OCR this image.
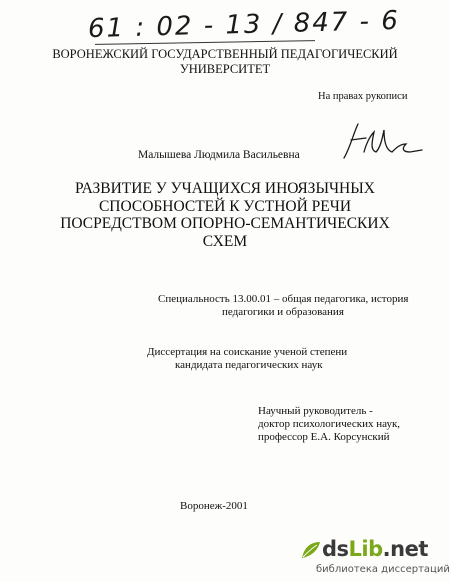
61 : 02 - 13 / 847 - 6
ВОРОНЕЖСКИЙ ГОСУДАРСТВЕННЫЙ ПЕДАГОГИЧЕСКИЙ
УНИВЕРСИТЕТ
На правах рукописи
Малышева Людмила Васильевна
РАЗВИТИЕ У УЧАЩИХСЯ ИНОЯЗЫЧНЫХ
СПОСОБНОСТЕЙ К УСТНОЙ РЕЧИ
ПОСРЕДСТВОМ ОПОРНО-СЕМАНТИЧЕСКИХ
СХЕМ
Специальность 13.00.01 – общая педагогика, история
педагогики и образования
Диссертация на соискание ученой степени
кандидата педагогических наук
Научный руководитель -
доктор психологических наук,
профессор Е.А. Корсунский
Воронеж-2001
dsLib.net
библиотека диссертаций
